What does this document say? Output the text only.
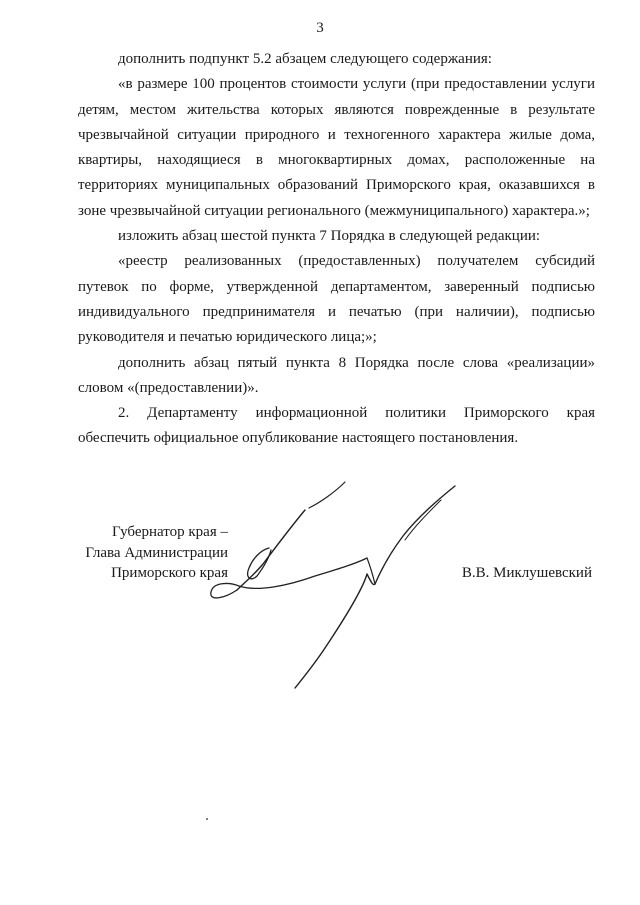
3

дополнить подпункт 5.2 абзацем следующего содержания:

«в размере 100 процентов стоимости услуги (при предоставлении услуги детям, местом жительства которых являются поврежденные в результате чрезвычайной ситуации природного и техногенного характера жилые дома, квартиры, находящиеся в многоквартирных домах, расположенные на территориях муниципальных образований Приморского края, оказавшихся в зоне чрезвычайной ситуации регионального (межмуниципального) характера.»;

изложить абзац шестой пункта 7 Порядка в следующей редакции:

«реестр реализованных (предоставленных) получателем субсидий путевок по форме, утвержденной департаментом, заверенный подписью индивидуального предпринимателя и печатью (при наличии), подписью руководителя и печатью юридического лица;»;

дополнить абзац пятый пункта 8 Порядка после слова «реализации» словом «(предоставлении)».

2. Департаменту информационной политики Приморского края обеспечить официальное опубликование настоящего постановления.

Губернатор края –
Глава Администрации
Приморского края	В.В. Миклушевский
